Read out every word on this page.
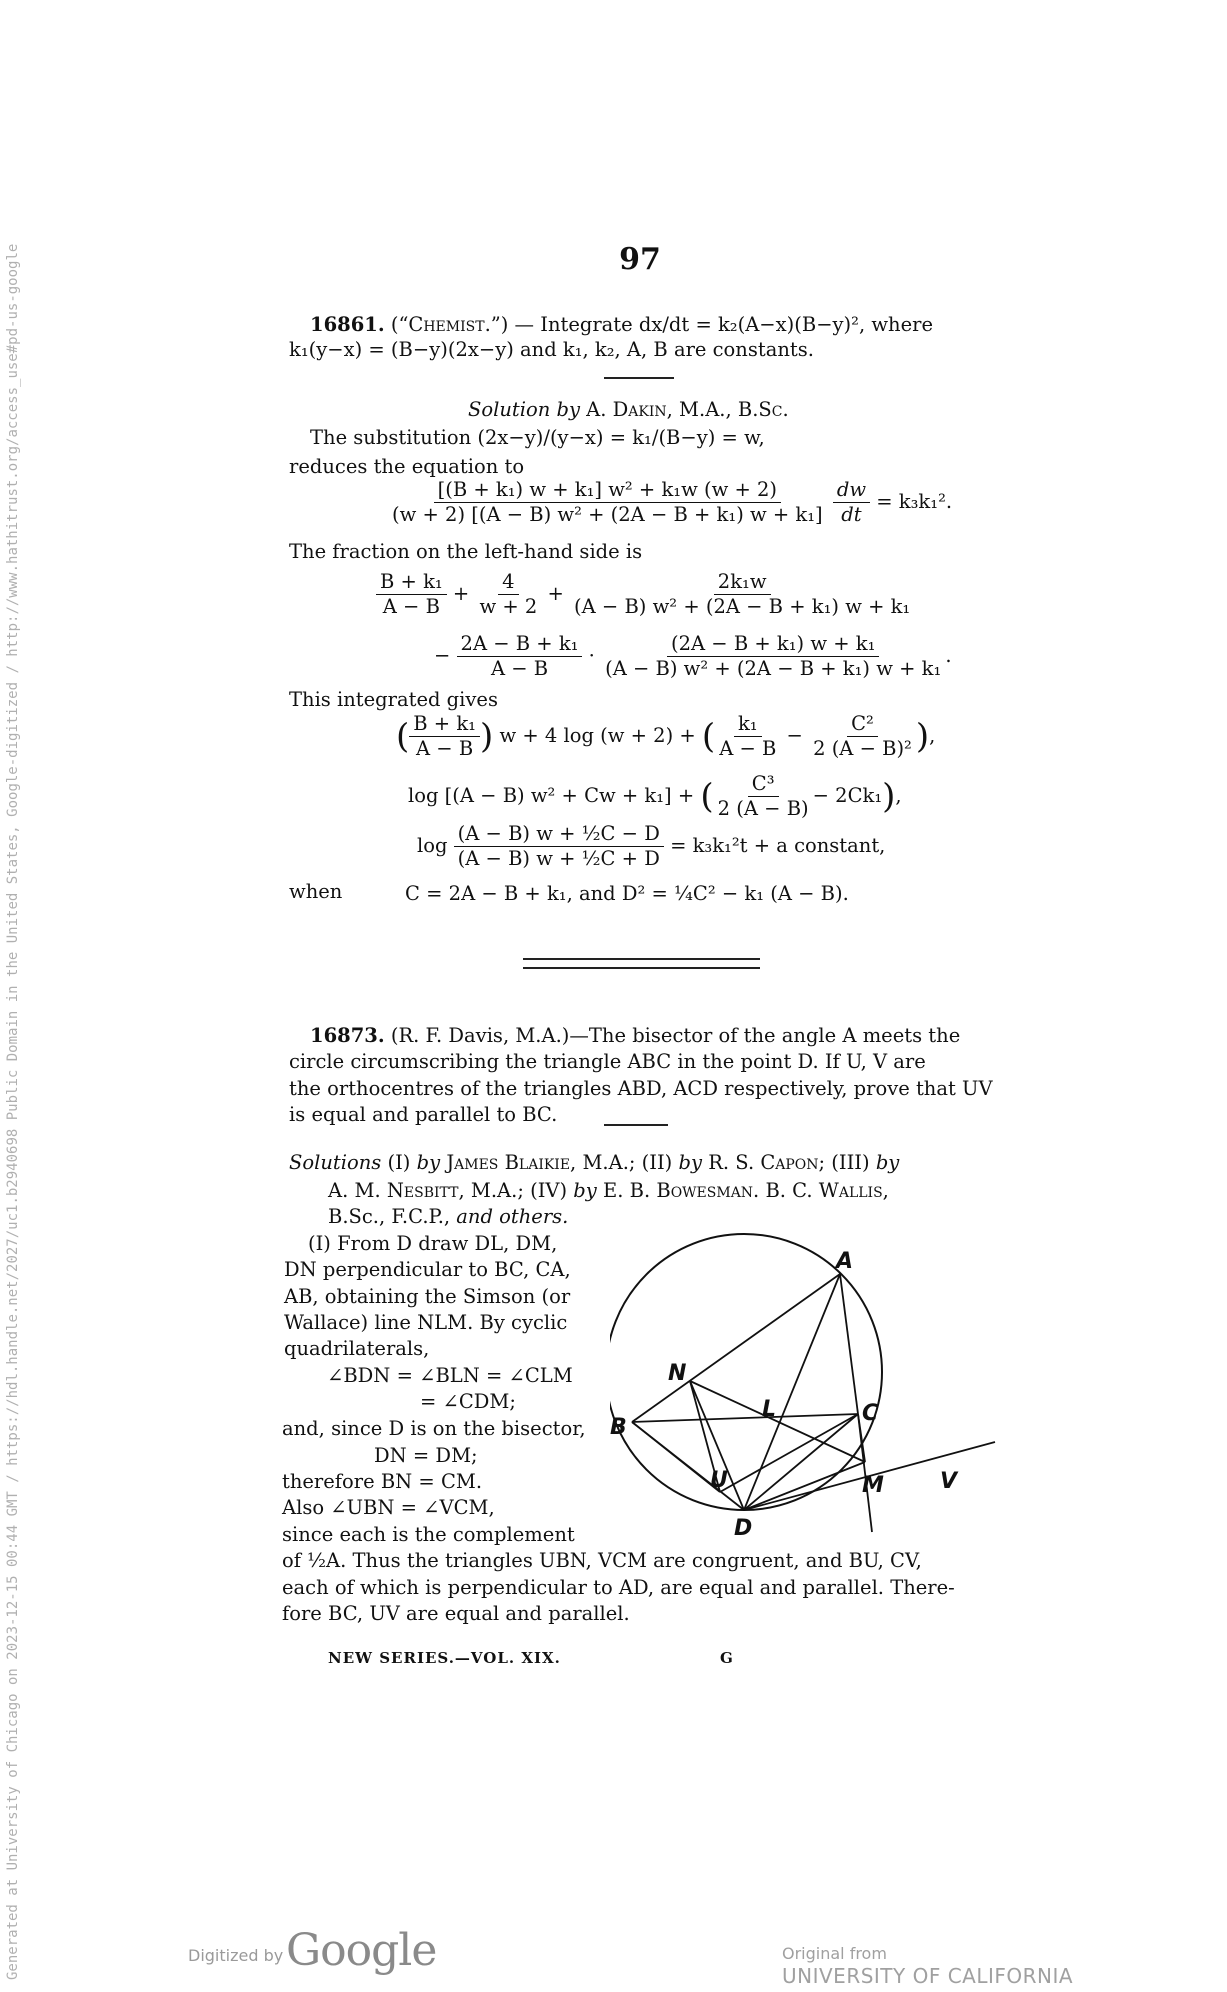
97
16861. (“Chemist.”) — Integrate dx/dt = k₂(A−x)(B−y)², where
k₁(y−x) = (B−y)(2x−y) and k₁, k₂, A, B are constants.
Solution by A. Dakin, M.A., B.Sc.
The substitution (2x−y)/(y−x) = k₁/(B−y) = w,
reduces the equation to
$\frac{\text{[(B + k₁) w + k₁] w² + k₁w (w + 2)}}{\text{(w + 2) [(A − B) w² + (2A − B + k₁) w + k₁]}}$
$\frac{dw}{dt} = k_3k_1^2$.
The fraction on the left-hand side is
$\frac{\text{B + k₁}}{A - B} + \frac{4}{w + 2} + \frac{\text{2k₁w}}{\text{(A − B) w² + (2A − B + k₁) w + k₁}}$
− $\frac{\text{2A − B + k₁}}{A - B} \cdot \frac{\text{(2A − B + k₁) w + k₁}}{\text{(A − B) w² + (2A − B + k₁) w + k₁}}$ .
This integrated gives
( $\frac{\text{B + k₁}}{A - B}$ ) w + 4 log (w + 2) + ( $\frac{\text{k₁}}{A - B} - \frac{\text{C²}}{\text{2 (A − B)²}}$ ),
log [(A − B) w² + Cw + k₁] + ( $\frac{\text{C³}}{2 (A - B)} - 2Ck_1$),
$\log \frac{\text{(A − B) w + ½C − D}}{\text{(A − B) w + ½C + D}} = k_3k_1^2t + a$ constant,
when	C = 2A − B + k₁, and D² = ¼C² − k₁ (A − B).
16873. (R. F. Davis, M.A.)—The bisector of the angle A meets the
circle circumscribing the triangle ABC in the point D. If U, V are
the orthocentres of the triangles ABD, ACD respectively, prove that UV
is equal and parallel to BC.
Solutions (I) by James Blaikie, M.A.; (II) by R. S. Capon; (III) by
A. M. Nesbitt, M.A.; (IV) by E. B. Bowesman. B. C. Wallis,
B.Sc., F.C.P., and others.
(I) From D draw DL, DM,
DN perpendicular to BC, CA,
AB, obtaining the Simson (or
Wallace) line NLM. By cyclic
quadrilaterals,
∠BDN = ∠BLN = ∠CLM
= ∠CDM;
and, since D is on the bisector,
DN = DM;
therefore BN = CM.
Also ∠UBN = ∠VCM,
since each is the complement
of ½A. Thus the triangles UBN, VCM are congruent, and BU, CV,
each of which is perpendicular to AD, are equal and parallel. There-
fore BC, UV are equal and parallel.
A
N
L
B
C
U
D
M	V
NEW SERIES.—VOL. XIX.	G
Generated at University of Chicago on 2023-12-15 00:44 GMT / https://hdl.handle.net/2027/uc1.b2940698 Public Domain in the United States, Google-digitized / http://www.hathitrust.org/access_use#pd-us-google	Digitized by Google	Original from
UNIVERSITY OF CALIFORNIA
